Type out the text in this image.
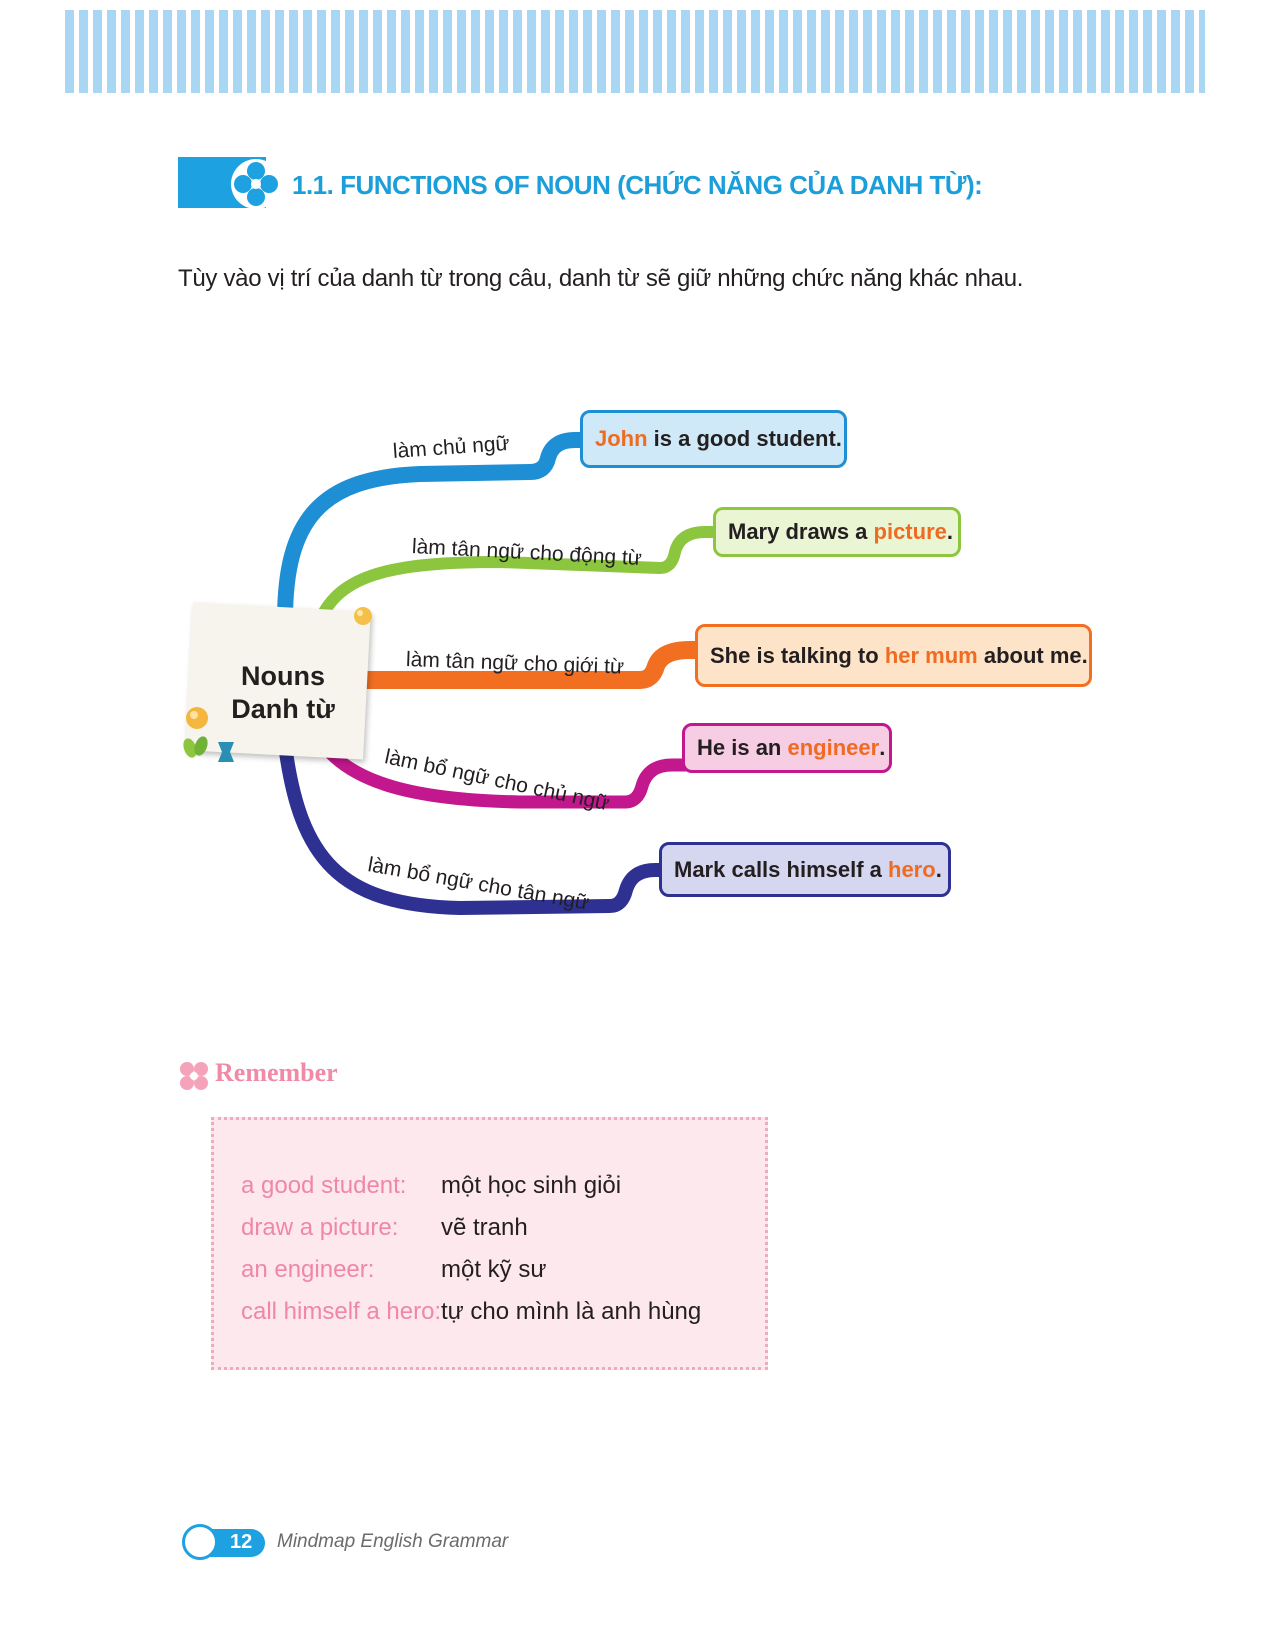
1.1. FUNCTIONS OF NOUN (CHỨC NĂNG CỦA DANH TỪ):
Tùy vào vị trí của danh từ trong câu, danh từ sẽ giữ những chức năng khác nhau.
Nouns
Danh từ
làm chủ ngữ
làm tân ngữ cho động từ
làm tân ngữ cho giới từ
làm bổ ngữ cho chủ ngữ
làm bổ ngữ cho tân ngữ
John is a good student.
Mary draws a picture .
She is talking to her mum about me.
He is an engineer .
Mark calls himself a hero .
Remember
a good student: một học sinh giỏi
draw a picture: vẽ tranh
an engineer:	một kỹ sư
call himself a hero: tự cho mình là anh hùng
12 Mindmap English Grammar
